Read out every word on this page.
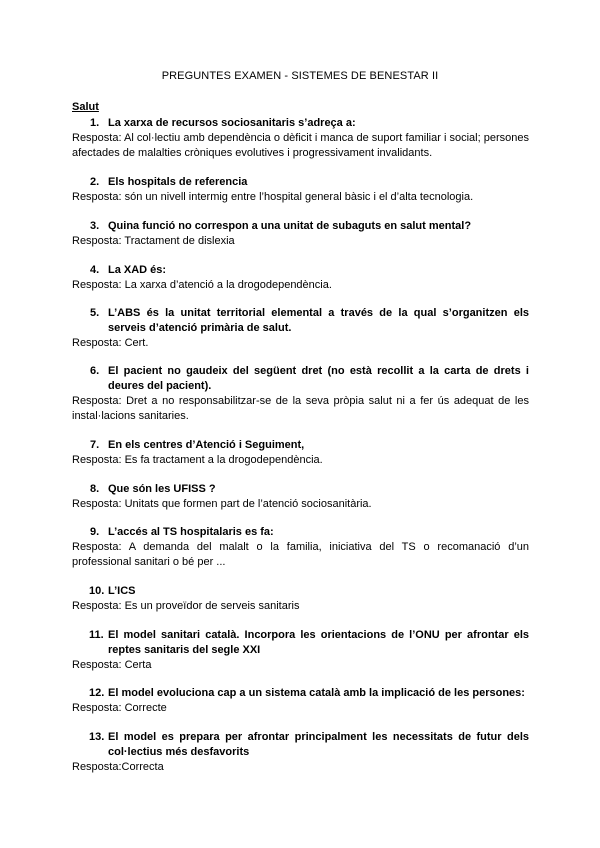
PREGUNTES EXAMEN - SISTEMES DE BENESTAR II
Salut
1. La xarxa de recursos sociosanitaris s’adreça a:
Resposta: Al col·lectiu amb dependència o dèficit i manca de suport familiar i social; persones afectades de malalties cròniques evolutives i progressivament invalidants.
2. Els hospitals de referencia
Resposta: són un nivell intermig entre l’hospital general bàsic i el d’alta tecnologia.
3. Quina funció no correspon a una unitat de subaguts en salut mental?
Resposta: Tractament de dislexia
4. La XAD és:
Resposta: La xarxa d’atenció a la drogodependència.
5. L’ABS és la unitat territorial elemental a través de la qual s’organitzen els serveis d’atenció primària de salut.
Resposta: Cert.
6. El pacient no gaudeix del següent dret (no està recollit a la carta de drets i deures del pacient).
Resposta: Dret a no responsabilitzar-se de la seva pròpia salut ni a fer ús adequat de les instal·lacions sanitaries.
7. En els centres d’Atenció i Seguiment,
Resposta: Es fa tractament a la drogodependència.
8. Que són les UFISS ?
Resposta: Unitats que formen part de l’atenció sociosanitària.
9. L’accés al TS hospitalaris es fa:
Resposta: A demanda del malalt o la familia, iniciativa del TS o recomanació d’un professional sanitari o bé per ...
10. L’ICS
Resposta: Es un proveïdor de serveis sanitaris
11. El model sanitari català. Incorpora les orientacions de l’ONU per afrontar els reptes sanitaris del segle XXI
Resposta: Certa
12. El model evoluciona cap a un sistema català amb la implicació de les persones:
Resposta: Correcte
13. El model es prepara per afrontar principalment les necessitats de futur dels col·lectius més desfavorits
Resposta:Correcta
